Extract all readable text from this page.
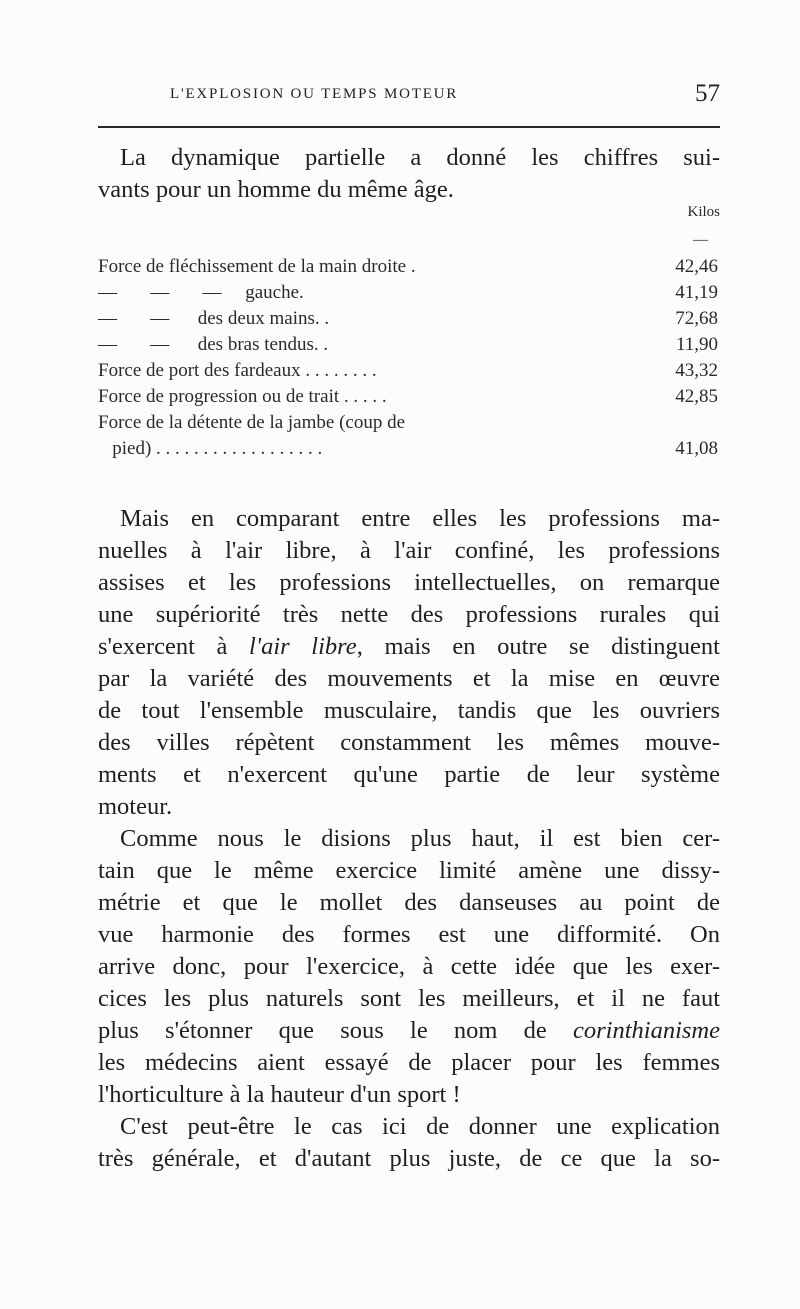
L'EXPLOSION OU TEMPS MOTEUR	57
La dynamique partielle a donné les chiffres sui-
vants pour un homme du même âge.
Kilos
—
Force de fléchissement de la main droite .	42,46
—       —       —     gauche.	41,19
—       —      des deux mains. .	72,68
—       —      des bras tendus. .	11,90
Force de port des fardeaux . . . . . . . .	43,32
Force de progression ou de trait . . . . .	42,85
Force de la détente de la jambe (coup de
pied) . . . . . . . . . . . . . . . . . .	41,08
Mais en comparant entre elles les professions ma-
nuelles à l'air libre, à l'air confiné, les professions
assises et les professions intellectuelles, on remarque
une supériorité très nette des professions rurales qui
s'exercent à l'air libre, mais en outre se distinguent
par la variété des mouvements et la mise en œuvre
de tout l'ensemble musculaire, tandis que les ouvriers
des villes répètent constamment les mêmes mouve-
ments et n'exercent qu'une partie de leur système
moteur.
Comme nous le disions plus haut, il est bien cer-
tain que le même exercice limité amène une dissy-
métrie et que le mollet des danseuses au point de
vue harmonie des formes est une difformité. On
arrive donc, pour l'exercice, à cette idée que les exer-
cices les plus naturels sont les meilleurs, et il ne faut
plus s'étonner que sous le nom de corinthianisme
les médecins aient essayé de placer pour les femmes
l'horticulture à la hauteur d'un sport !
C'est peut-être le cas ici de donner une explication
très générale, et d'autant plus juste, de ce que la so-
